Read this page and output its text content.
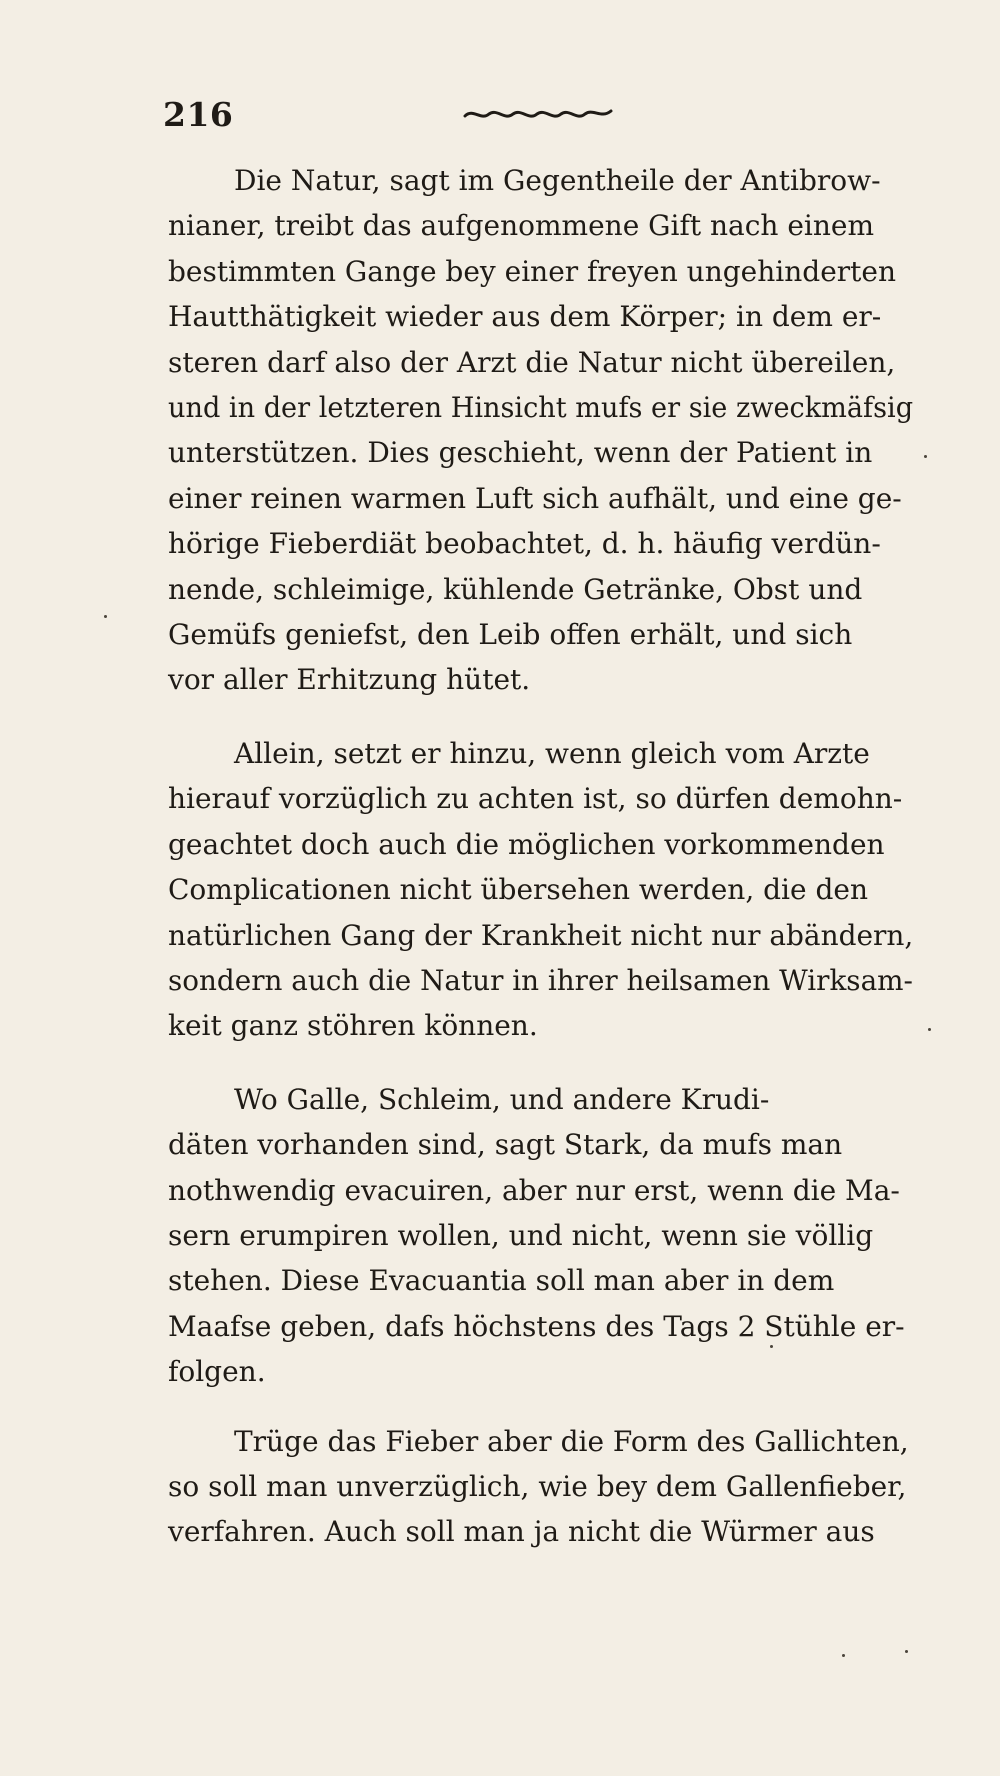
216

Die Natur, sagt im Gegentheile der Antibrow-
nianer, treibt das aufgenommene Gift nach einem
bestimmten Gange bey einer freyen ungehinderten
Hautthätigkeit wieder aus dem Körper; in dem er-
steren darf also der Arzt die Natur nicht übereilen,
und in der letzteren Hinsicht mufs er sie zweckmäfsig
unterstützen. Dies geschieht, wenn der Patient in
einer reinen warmen Luft sich aufhält, und eine ge-
hörige Fieberdiät beobachtet, d. h. häufig verdün-
nende, schleimige, kühlende Getränke, Obst und
Gemüfs geniefst, den Leib offen erhält, und sich
vor aller Erhitzung hütet.

Allein, setzt er hinzu, wenn gleich vom Arzte
hierauf vorzüglich zu achten ist, so dürfen demohn-
geachtet doch auch die möglichen vorkommenden
Complicationen nicht übersehen werden, die den
natürlichen Gang der Krankheit nicht nur abändern,
sondern auch die Natur in ihrer heilsamen Wirksam-
keit ganz stöhren können.

Wo Galle, Schleim, und andere Krudi-
däten vorhanden sind, sagt Stark, da mufs man
nothwendig evacuiren, aber nur erst, wenn die Ma-
sern erumpiren wollen, und nicht, wenn sie völlig
stehen. Diese Evacuantia soll man aber in dem
Maafse geben, dafs höchstens des Tags 2 Stühle er-
folgen.

Trüge das Fieber aber die Form des Gallichten,
so soll man unverzüglich, wie bey dem Gallenfieber,
verfahren. Auch soll man ja nicht die Würmer aus
